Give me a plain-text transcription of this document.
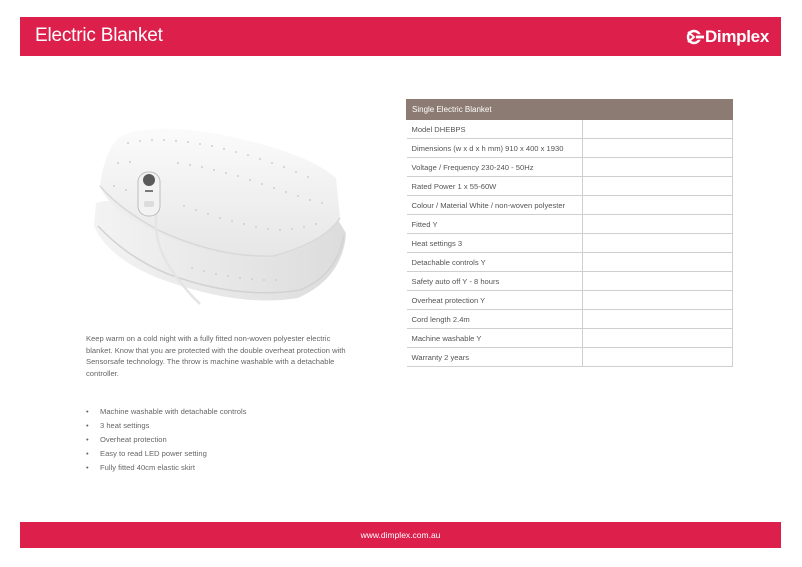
Electric Blanket	Dimplex
Keep warm on a cold night with a fully fitted non-woven polyester electric blanket. Know that you are protected with the double overheat protection with Sensorsafe technology. The throw is machine washable with a detachable controller.
• Machine washable with detachable controls
• 3 heat settings
• Overheat protection
• Easy to read LED power setting
• Fully fitted 40cm elastic skirt
Single Electric Blanket	
Model DHEBPS	
Dimensions (w x d x h mm) 910 x 400 x 1930	
Voltage / Frequency 230-240 - 50Hz	
Rated Power 1 x 55-60W	
Colour / Material White / non-woven polyester	
Fitted Y	
Heat settings 3	
Detachable controls Y	
Safety auto off Y - 8 hours	
Overheat protection Y	
Cord length 2.4m	
Machine washable Y	
Warranty 2 years	
www.dimplex.com.au
